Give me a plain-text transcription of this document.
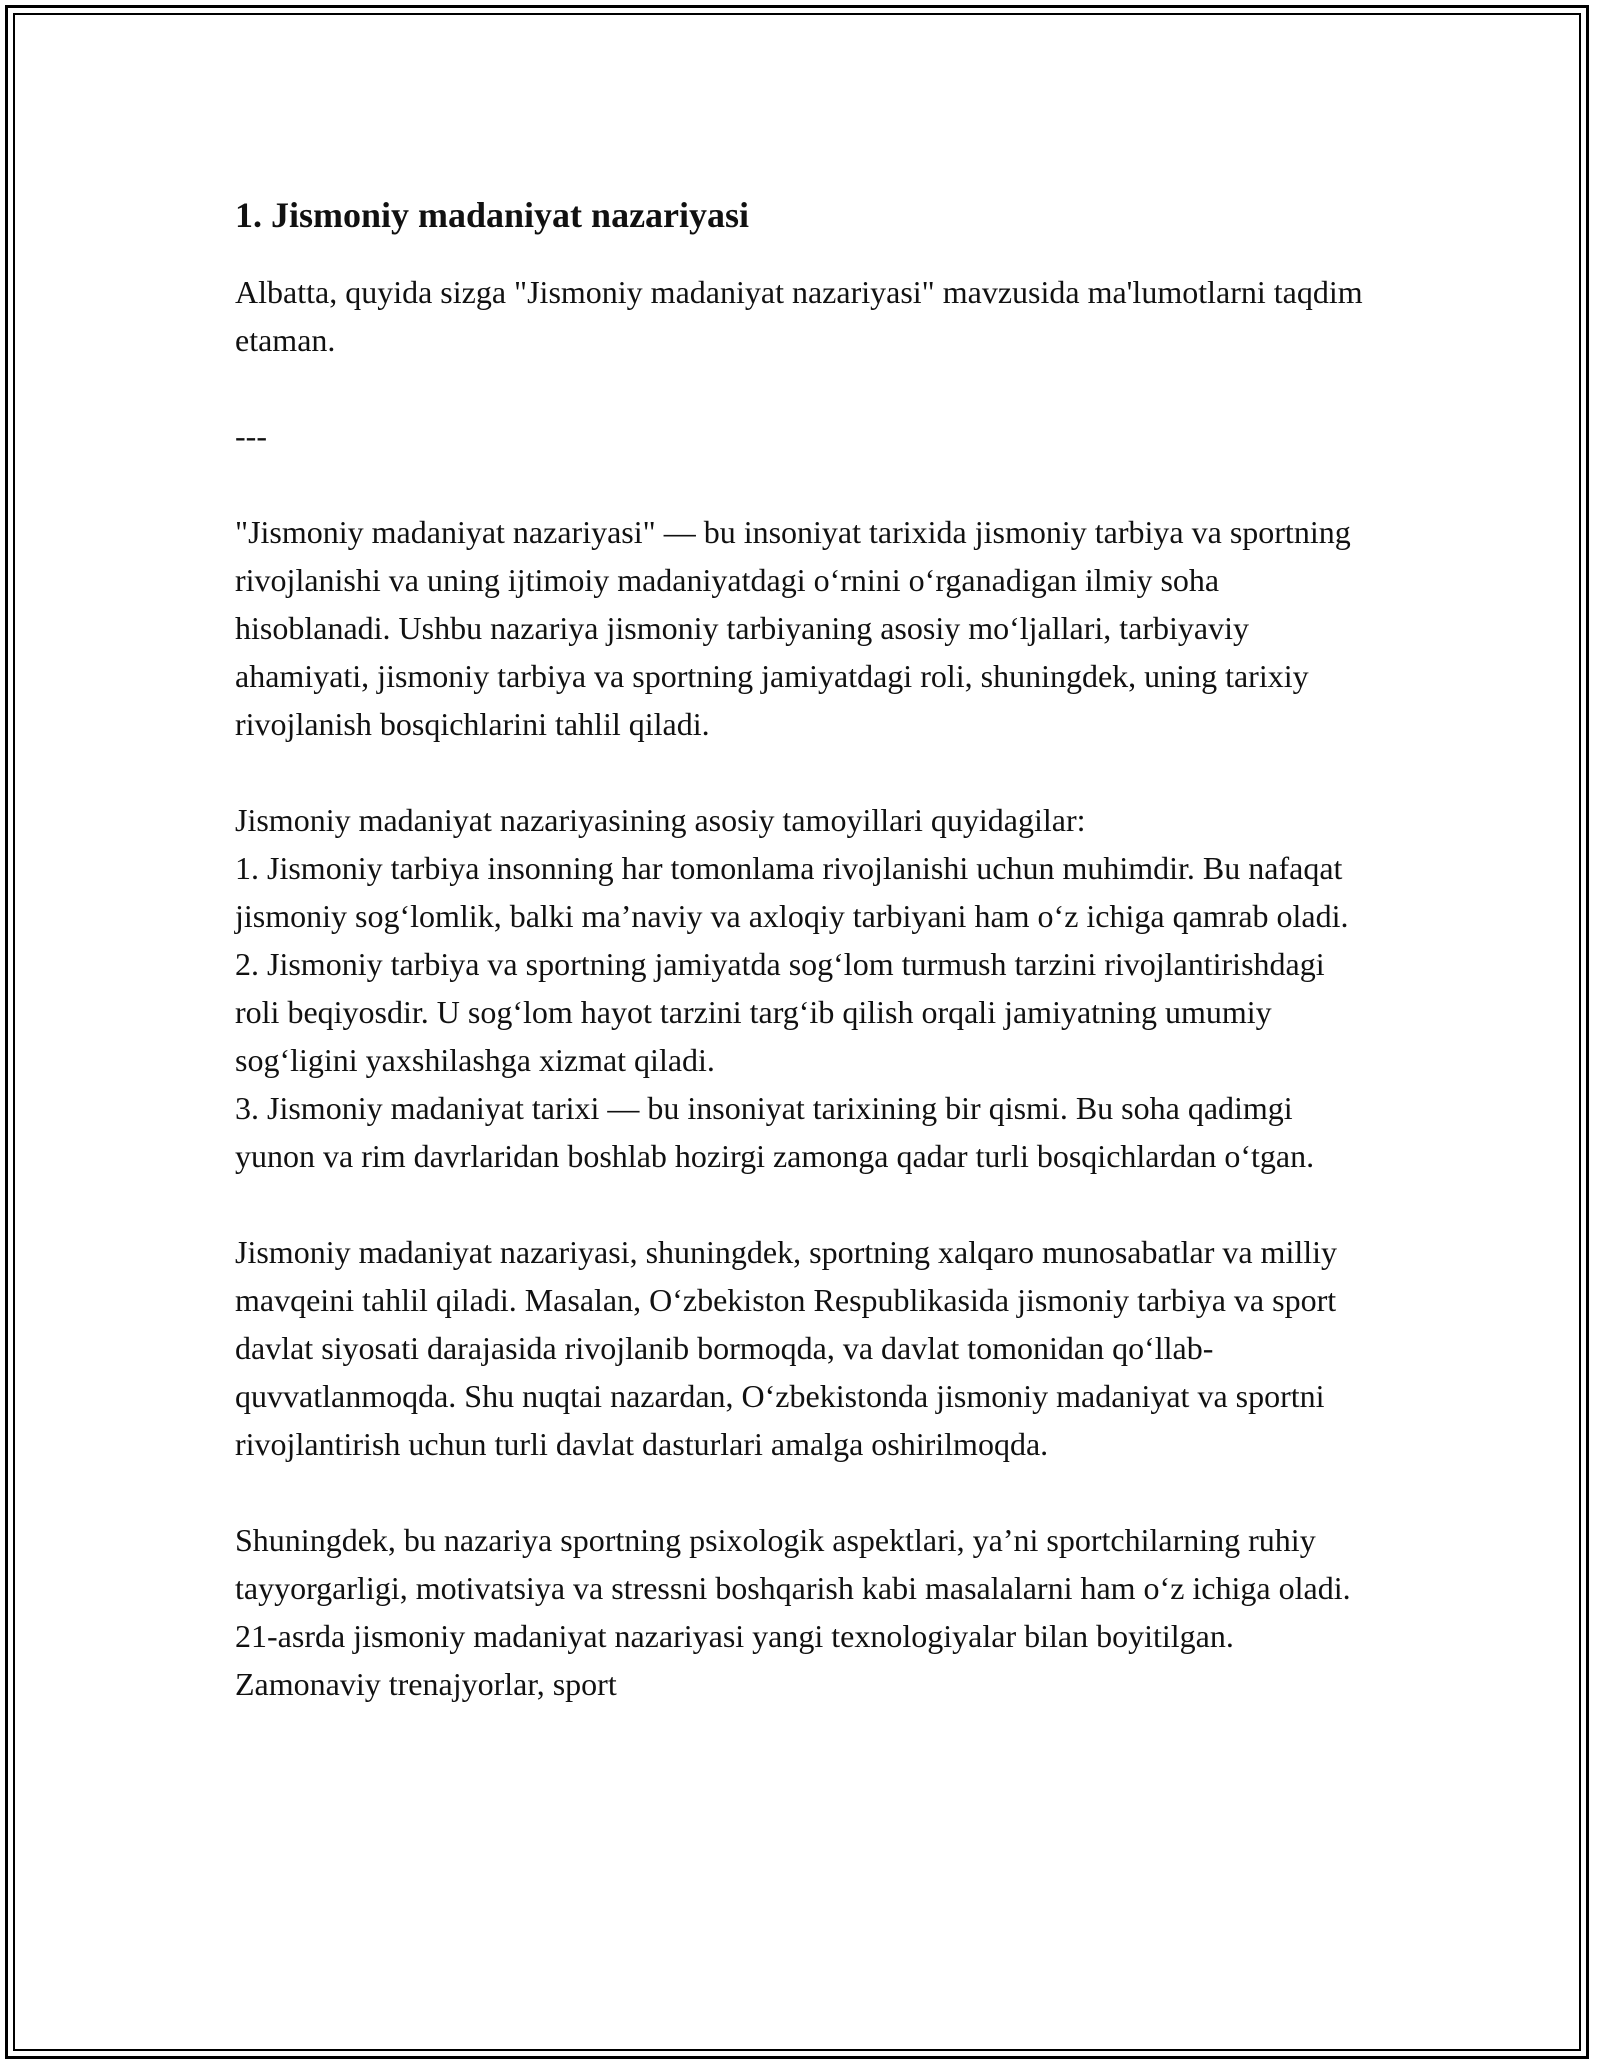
1. Jismoniy madaniyat nazariyasi

Albatta, quyida sizga "Jismoniy madaniyat nazariyasi" mavzusida ma'lumotlarni taqdim etaman.

---

"Jismoniy madaniyat nazariyasi" — bu insoniyat tarixida jismoniy tarbiya va sportning rivojlanishi va uning ijtimoiy madaniyatdagi oʻrnini oʻrganadigan ilmiy soha hisoblanadi. Ushbu nazariya jismoniy tarbiyaning asosiy moʻljallari, tarbiyaviy ahamiyati, jismoniy tarbiya va sportning jamiyatdagi roli, shuningdek, uning tarixiy rivojlanish bosqichlarini tahlil qiladi.

Jismoniy madaniyat nazariyasining asosiy tamoyillari quyidagilar:

1. Jismoniy tarbiya insonning har tomonlama rivojlanishi uchun muhimdir. Bu nafaqat jismoniy sogʻlomlik, balki maʼnaviy va axloqiy tarbiyani ham oʻz ichiga qamrab oladi.
2. Jismoniy tarbiya va sportning jamiyatda sogʻlom turmush tarzini rivojlantirishdagi roli beqiyosdir. U sogʻlom hayot tarzini targʻib qilish orqali jamiyatning umumiy sogʻligini yaxshilashga xizmat qiladi.
3. Jismoniy madaniyat tarixi — bu insoniyat tarixining bir qismi. Bu soha qadimgi yunon va rim davrlaridan boshlab hozirgi zamonga qadar turli bosqichlardan oʻtgan.

Jismoniy madaniyat nazariyasi, shuningdek, sportning xalqaro munosabatlar va milliy mavqeini tahlil qiladi. Masalan, Oʻzbekiston Respublikasida jismoniy tarbiya va sport davlat siyosati darajasida rivojlanib bormoqda, va davlat tomonidan qoʻllab-quvvatlanmoqda. Shu nuqtai nazardan, Oʻzbekistonda jismoniy madaniyat va sportni rivojlantirish uchun turli davlat dasturlari amalga oshirilmoqda.

Shuningdek, bu nazariya sportning psixologik aspektlari, yaʼni sportchilarning ruhiy tayyorgarligi, motivatsiya va stressni boshqarish kabi masalalarni ham oʻz ichiga oladi. 21-asrda jismoniy madaniyat nazariyasi yangi texnologiyalar bilan boyitilgan. Zamonaviy trenajyorlar, sport
